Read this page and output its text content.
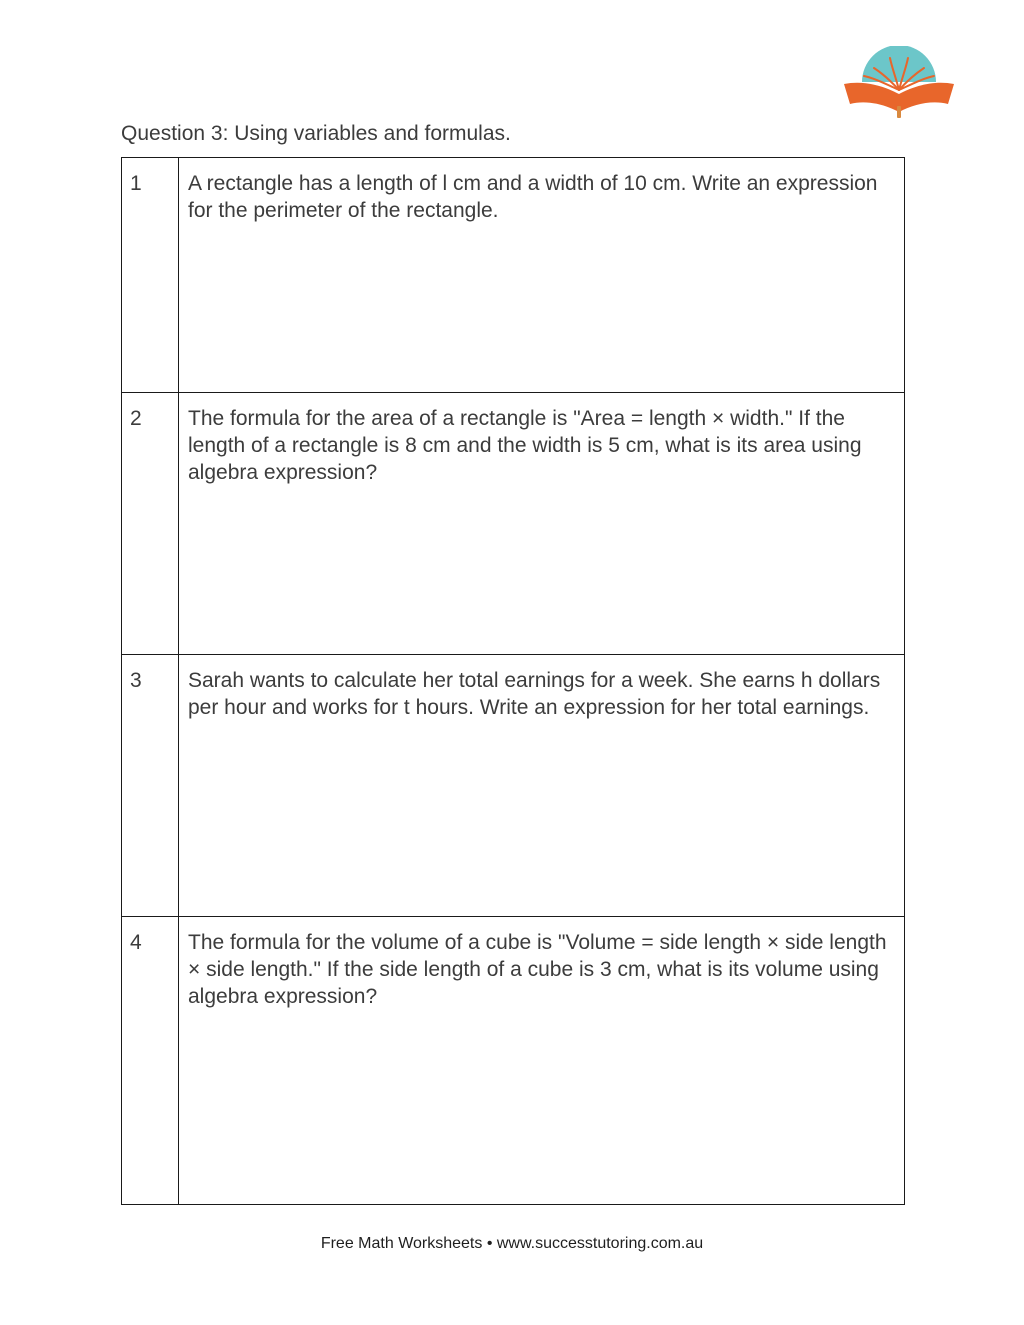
Question 3: Using variables and formulas.
1	A rectangle has a length of l cm and a width of 10 cm. Write an expression for the perimeter of the rectangle.

2	The formula for the area of a rectangle is "Area = length × width." If the length of a rectangle is 8 cm and the width is 5 cm, what is its area using algebra expression?

3	Sarah wants to calculate her total earnings for a week. She earns h dollars per hour and works for t hours. Write an expression for her total earnings.

4	The formula for the volume of a cube is "Volume = side length × side length × side length." If the side length of a cube is 3 cm, what is its volume using algebra expression?
Free Math Worksheets • www.successtutoring.com.au
